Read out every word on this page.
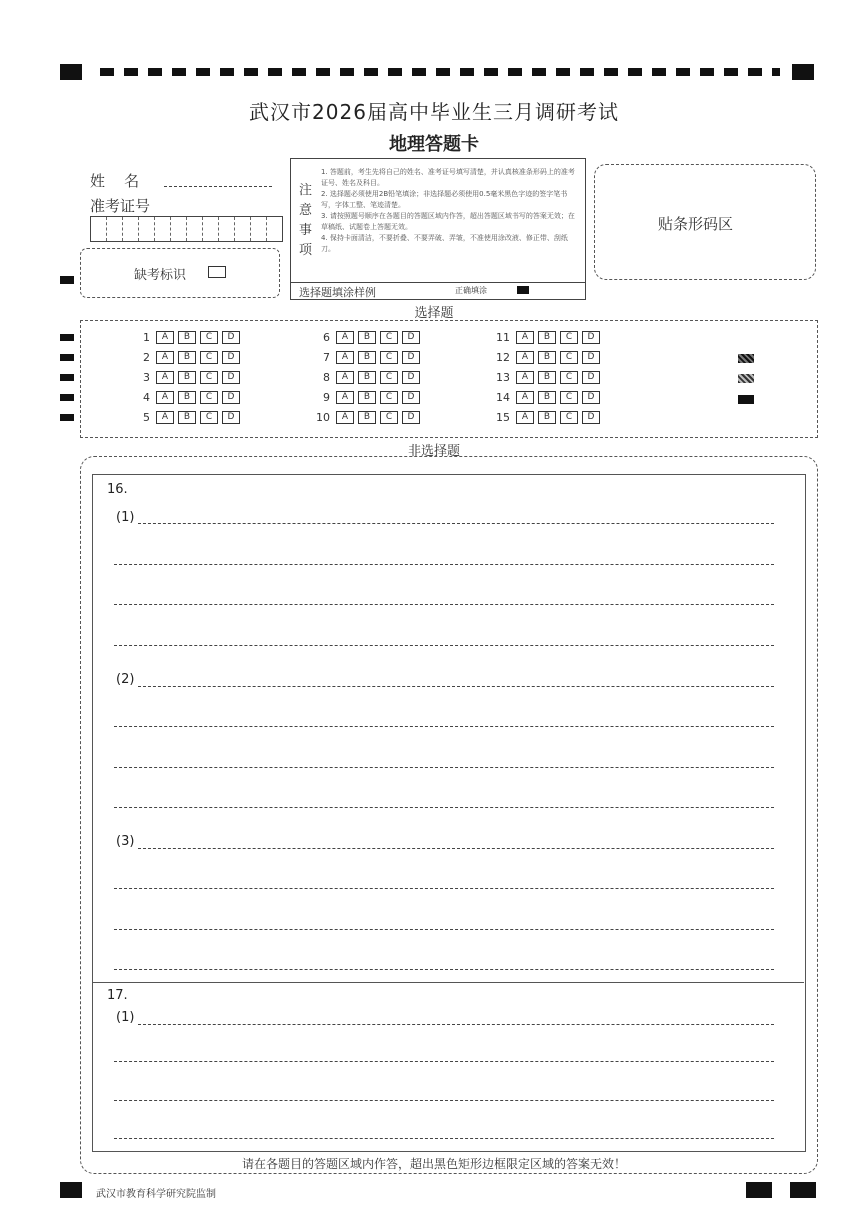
武汉市2026届高中毕业生三月调研考试
地理答题卡
姓    名
准考证号
缺考标识
注意事项
1. 答题前，考生先将自己的姓名、准考证号填写清楚，并认真核准条形码上的准考证号、姓名及科目。
2. 选择题必须使用2B铅笔填涂；非选择题必须使用0.5毫米黑色字迹的签字笔书写，字体工整、笔迹清楚。
3. 请按照题号顺序在各题目的答题区域内作答，超出答题区域书写的答案无效；在草稿纸、试题卷上答题无效。
4. 保持卡面清洁，不要折叠、不要弄破、弄皱，不准使用涂改液、修正带、刮纸刀。
选择题填涂样例	正确填涂
贴条形码区
选择题
1	A	B	C	D
2	A	B	C	D
3	A	B	C	D
4	A	B	C	D
5	A	B	C	D
6	A	B	C	D
7	A	B	C	D
8	A	B	C	D
9	A	B	C	D
10	A	B	C	D
11	A	B	C	D
12	A	B	C	D
13	A	B	C	D
14	A	B	C	D
15	A	B	C	D
非选择题
16.
(1)
(2)
(3)
17.
(1)
请在各题目的答题区域内作答，超出黑色矩形边框限定区域的答案无效！
武汉市教育科学研究院监制
